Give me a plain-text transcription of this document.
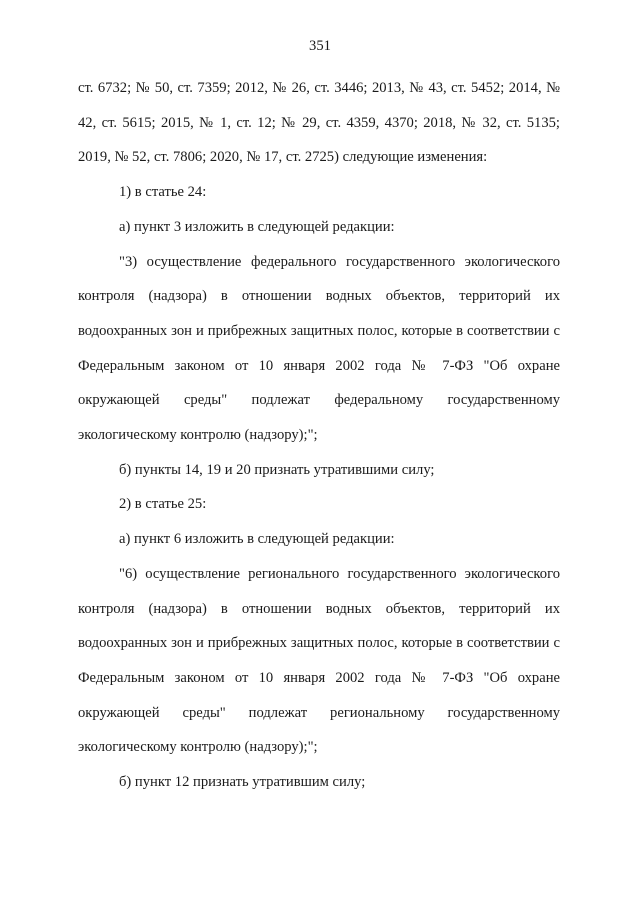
351

ст. 6732; № 50, ст. 7359; 2012, № 26, ст. 3446; 2013, № 43, ст. 5452; 2014, № 42, ст. 5615; 2015, № 1, ст. 12; № 29, ст. 4359, 4370; 2018, № 32, ст. 5135; 2019, № 52, ст. 7806; 2020, № 17, ст. 2725) следующие изменения:

1) в статье 24:

а) пункт 3 изложить в следующей редакции:

"3) осуществление федерального государственного экологического контроля (надзора) в отношении водных объектов, территорий их водоохранных зон и прибрежных защитных полос, которые в соответствии с Федеральным законом от 10 января 2002 года № 7-ФЗ "Об охране окружающей среды" подлежат федеральному государственному экологическому контролю (надзору);";

б) пункты 14, 19 и 20 признать утратившими силу;

2) в статье 25:

а) пункт 6 изложить в следующей редакции:

"6) осуществление регионального государственного экологического контроля (надзора) в отношении водных объектов, территорий их водоохранных зон и прибрежных защитных полос, которые в соответствии с Федеральным законом от 10 января 2002 года № 7-ФЗ "Об охране окружающей среды" подлежат региональному государственному экологическому контролю (надзору);";

б) пункт 12 признать утратившим силу;
